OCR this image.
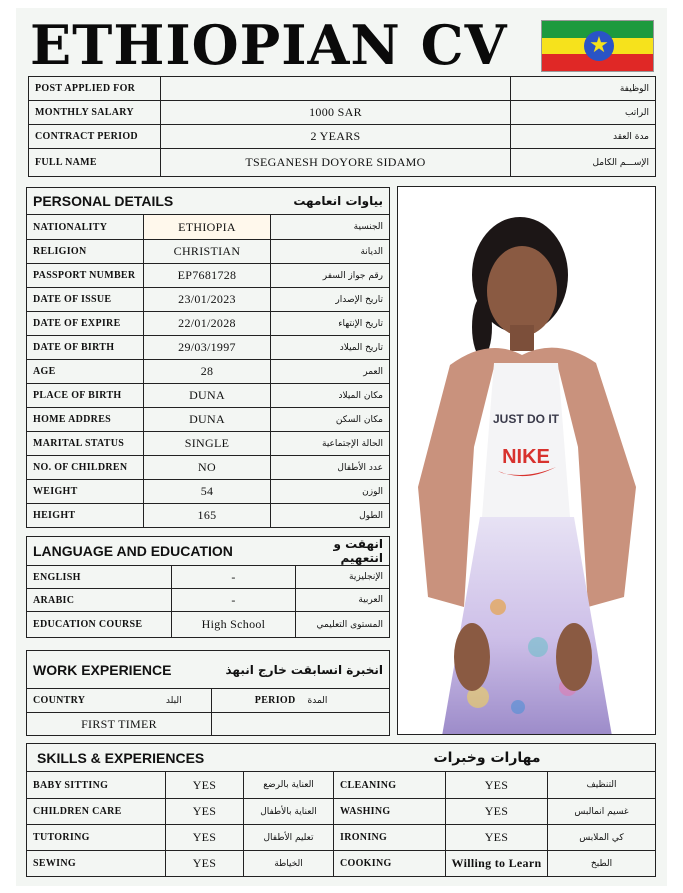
ETHIOPIAN CV	★
POST APPLIED FOR		الوظيفة
MONTHLY SALARY	1000 SAR	الراتب
CONTRACT PERIOD	2 YEARS	مدة العقد
FULL NAME	TSEGANESH DOYORE SIDAMO	الإســـم الكامل
PERSONAL DETAILS		بياوات انعامهت
NATIONALITY	ETHIOPIA	الجنسية
RELIGION	CHRISTIAN	الديانة
PASSPORT NUMBER	EP7681728	رقم جواز السفر
DATE OF ISSUE	23/01/2023	تاريخ الإصدار
DATE OF EXPIRE	22/01/2028	تاريخ الإنتهاء
DATE OF BIRTH	29/03/1997	تاريخ الميلاد
AGE	28	العمر
PLACE OF BIRTH	DUNA	مكان الميلاد
HOME ADDRES	DUNA	مكان السكن
MARITAL STATUS	SINGLE	الحالة الإجتماعية
NO. OF CHILDREN	NO	عدد الأطفال
WEIGHT	54	الوزن
HEIGHT	165	الطول
LANGUAGE AND EDUCATION		انهقت و انتعهيم
ENGLISH	-	الإنجليزية
ARABIC	-	العربية
EDUCATION COURSE	High School	المستوى التعليمي
WORK EXPERIENCE		انخبرة انسابقت خارج انبهذ	
COUNTRY	البلد	PERIOD	المدة
FIRST TIMER			
JUST DO IT
NIKE
SKILLS & EXPERIENCES			مهارات وخبرات		
BABY SITTING	YES	العناية بالرضع	CLEANING	YES	التنظيف
CHILDREN CARE	YES	العناية بالأطفال	WASHING	YES	غسيم انمالبس
TUTORING	YES	تعليم الأطفال	IRONING	YES	كي الملابس
SEWING	YES	الخياطة	COOKING	Willing to Learn	الطبخ
